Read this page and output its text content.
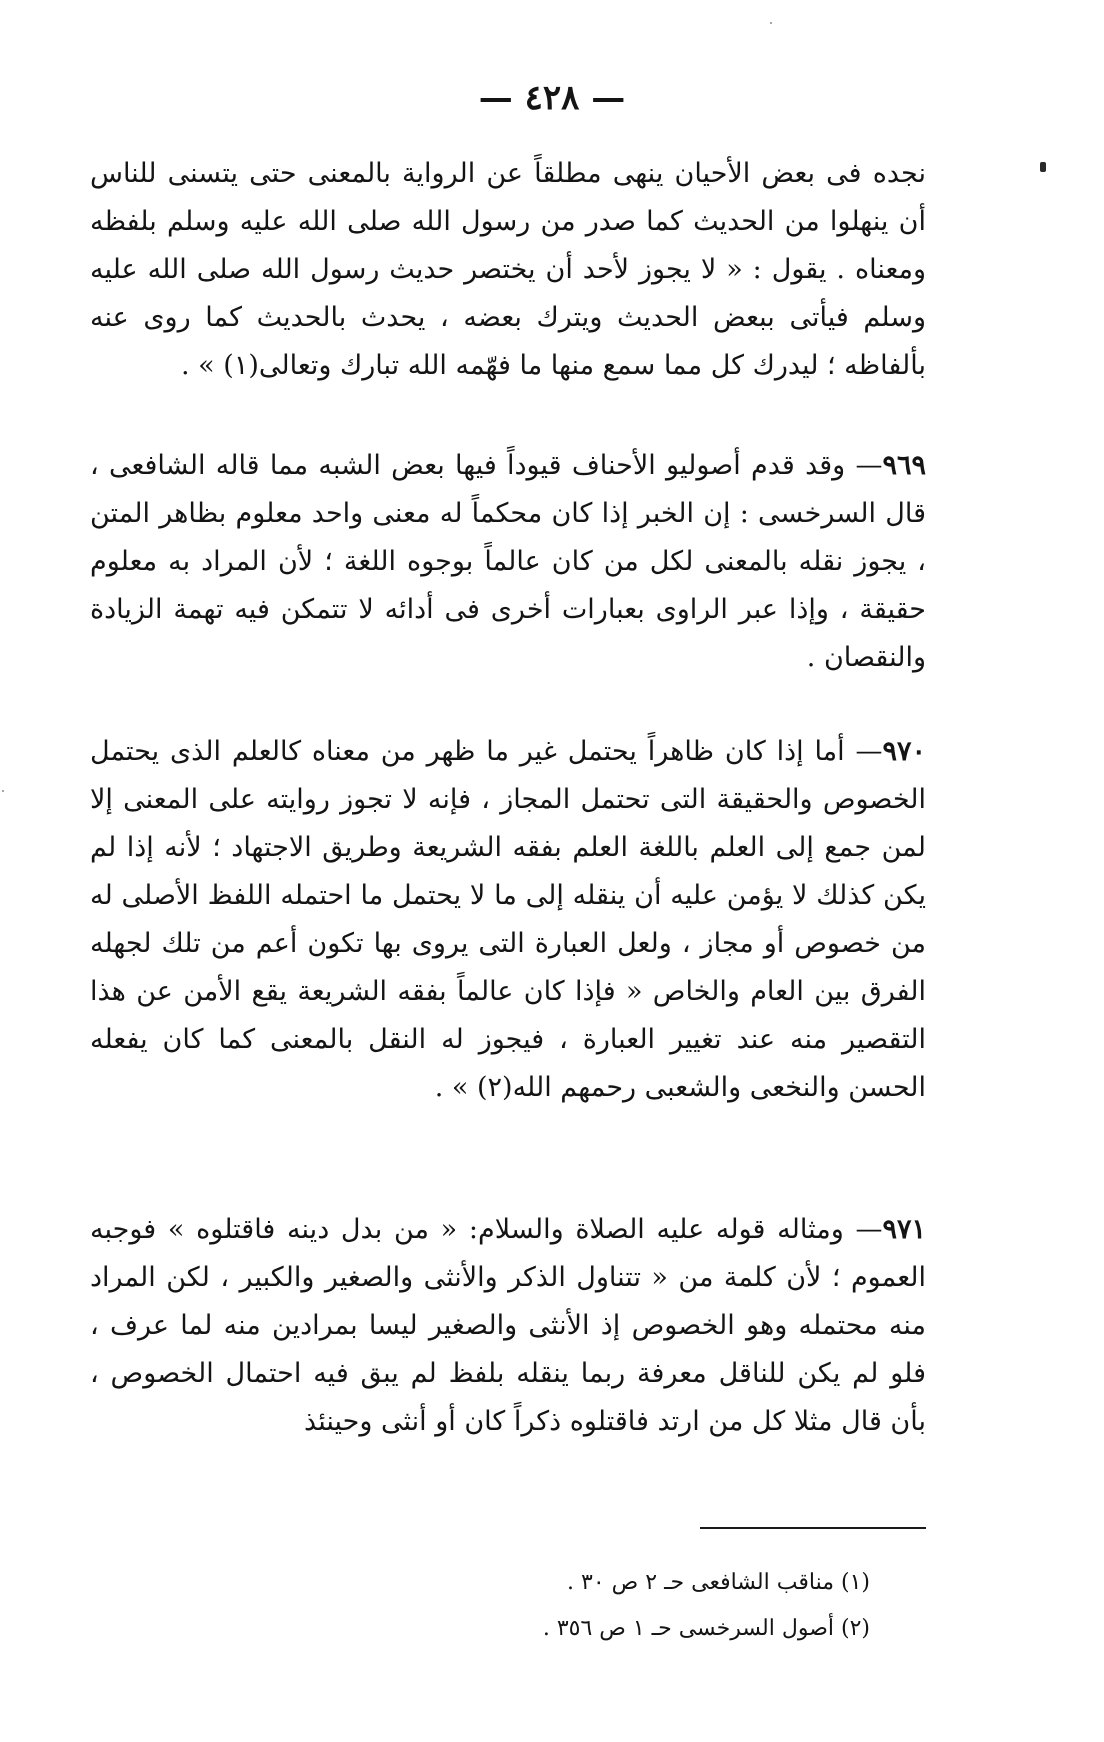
— ٤٢٨ —

نجده فى بعض الأحيان ينهى مطلقاً عن الرواية بالمعنى حتى يتسنى للناس أن ينهلوا من الحديث كما صدر من رسول الله صلى الله عليه وسلم بلفظه ومعناه . يقول : « لا يجوز لأحد أن يختصر حديث رسول الله صلى الله عليه وسلم فيأتى ببعض الحديث ويترك بعضه ، يحدث بالحديث كما روى عنه بألفاظه ؛ ليدرك كل مما سمع منها ما فهّمه الله تبارك وتعالى(١) » .

٩٦٩— وقد قدم أصوليو الأحناف قيوداً فيها بعض الشبه مما قاله الشافعى ، قال السرخسى : إن الخبر إذا كان محكماً له معنى واحد معلوم بظاهر المتن ، يجوز نقله بالمعنى لكل من كان عالماً بوجوه اللغة ؛ لأن المراد به معلوم حقيقة ، وإذا عبر الراوى بعبارات أخرى فى أدائه لا تتمكن فيه تهمة الزيادة والنقصان .

٩٧٠— أما إذا كان ظاهراً يحتمل غير ما ظهر من معناه كالعلم الذى يحتمل الخصوص والحقيقة التى تحتمل المجاز ، فإنه لا تجوز روايته على المعنى إلا لمن جمع إلى العلم باللغة العلم بفقه الشريعة وطريق الاجتهاد ؛ لأنه إذا لم يكن كذلك لا يؤمن عليه أن ينقله إلى ما لا يحتمل ما احتمله اللفظ الأصلى له من خصوص أو مجاز ، ولعل العبارة التى يروى بها تكون أعم من تلك لجهله الفرق بين العام والخاص « فإذا كان عالماً بفقه الشريعة يقع الأمن عن هذا التقصير منه عند تغيير العبارة ، فيجوز له النقل بالمعنى كما كان يفعله الحسن والنخعى والشعبى رحمهم الله(٢) » .

٩٧١— ومثاله قوله عليه الصلاة والسلام: « من بدل دينه فاقتلوه » فوجبه العموم ؛ لأن كلمة من « تتناول الذكر والأنثى والصغير والكبير ، لكن المراد منه محتمله وهو الخصوص إذ الأنثى والصغير ليسا بمرادين منه لما عرف ، فلو لم يكن للناقل معرفة ربما ينقله بلفظ لم يبق فيه احتمال الخصوص ، بأن قال مثلا كل من ارتد فاقتلوه ذكراً كان أو أنثى وحينئذ

(١) مناقب الشافعى حـ ٢ ص ٣٠ .

(٢) أصول السرخسى حـ ١ ص ٣٥٦ .
